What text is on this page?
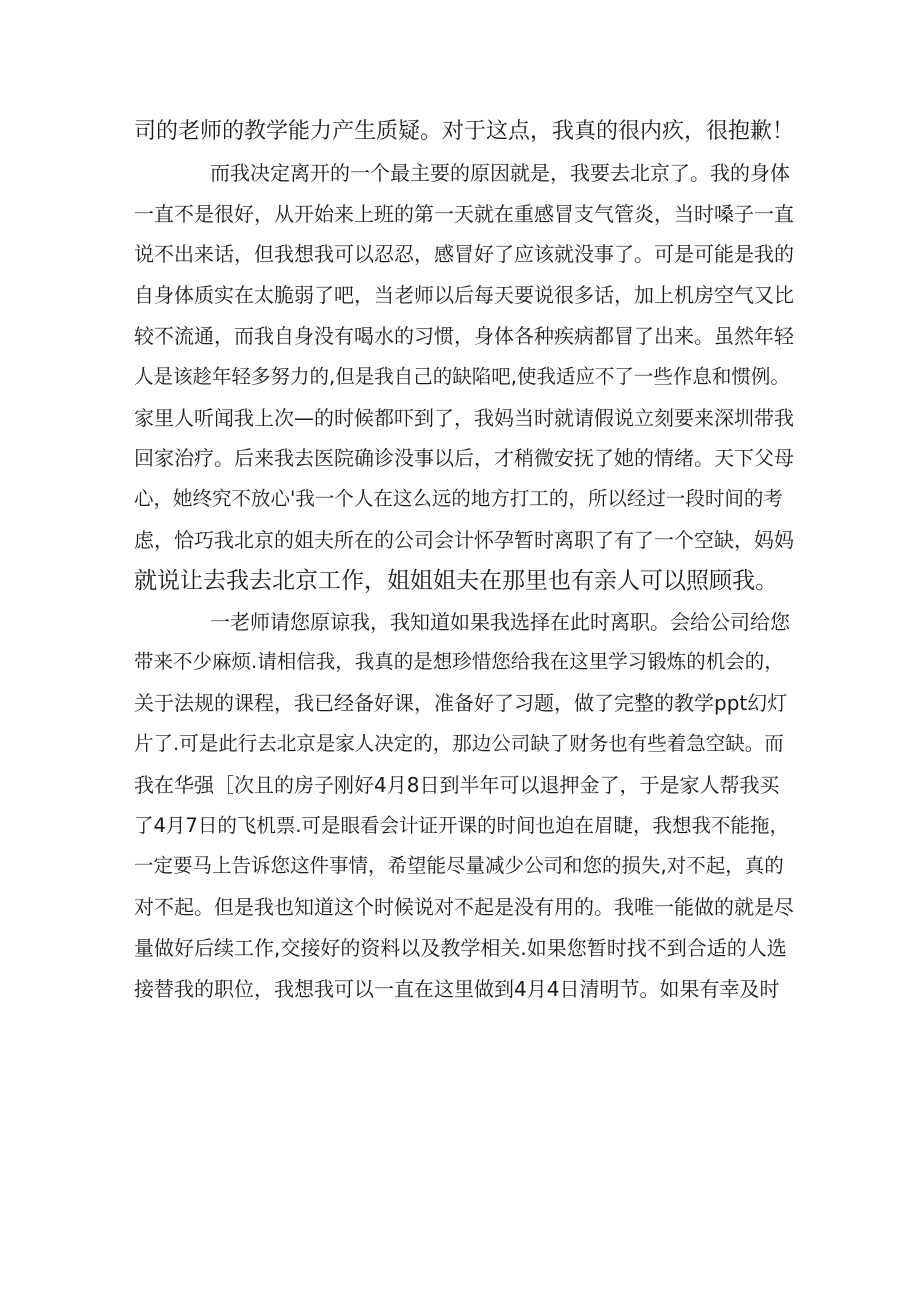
司的老师的教学能力产生质疑。对于这点，我真的很内疚，很抱歉！
而我决定离开的一个最主要的原因就是，我要去北京了。我的身体
一直不是很好，从开始来上班的第一天就在重感冒支气管炎，当时嗓子一直
说不出来话，但我想我可以忍忍，感冒好了应该就没事了。可是可能是我的
自身体质实在太脆弱了吧，当老师以后每天要说很多话，加上机房空气又比
较不流通，而我自身没有喝水的习惯，身体各种疾病都冒了出来。虽然年轻
人是该趁年轻多努力的,但是我自己的缺陷吧,使我适应不了一些作息和惯例。
家里人听闻我上次—的时候都吓到了，我妈当时就请假说立刻要来深圳带我
回家治疗。后来我去医院确诊没事以后，才稍微安抚了她的情绪。天下父母
心，她终究不放心'我一个人在这么远的地方打工的，所以经过一段时间的考
虑，恰巧我北京的姐夫所在的公司会计怀孕暂时离职了有了一个空缺，妈妈
就说让去我去北京工作，姐姐姐夫在那里也有亲人可以照顾我。
一老师请您原谅我，我知道如果我选择在此时离职。会给公司给您
带来不少麻烦.请相信我，我真的是想珍惜您给我在这里学习锻炼的机会的，
关于法规的课程，我已经备好课，准备好了习题，做了完整的教学ppt幻灯
片了.可是此行去北京是家人决定的，那边公司缺了财务也有些着急空缺。而
我在华强［次且的房子刚好4月8日到半年可以退押金了，于是家人帮我买
了4月7日的飞机票.可是眼看会计证开课的时间也迫在眉睫，我想我不能拖，
一定要马上告诉您这件事情，希望能尽量减少公司和您的损失,对不起，真的
对不起。但是我也知道这个时候说对不起是没有用的。我唯一能做的就是尽
量做好后续工作,交接好的资料以及教学相关.如果您暂时找不到合适的人选
接替我的职位，我想我可以一直在这里做到4月4日清明节。如果有幸及时
